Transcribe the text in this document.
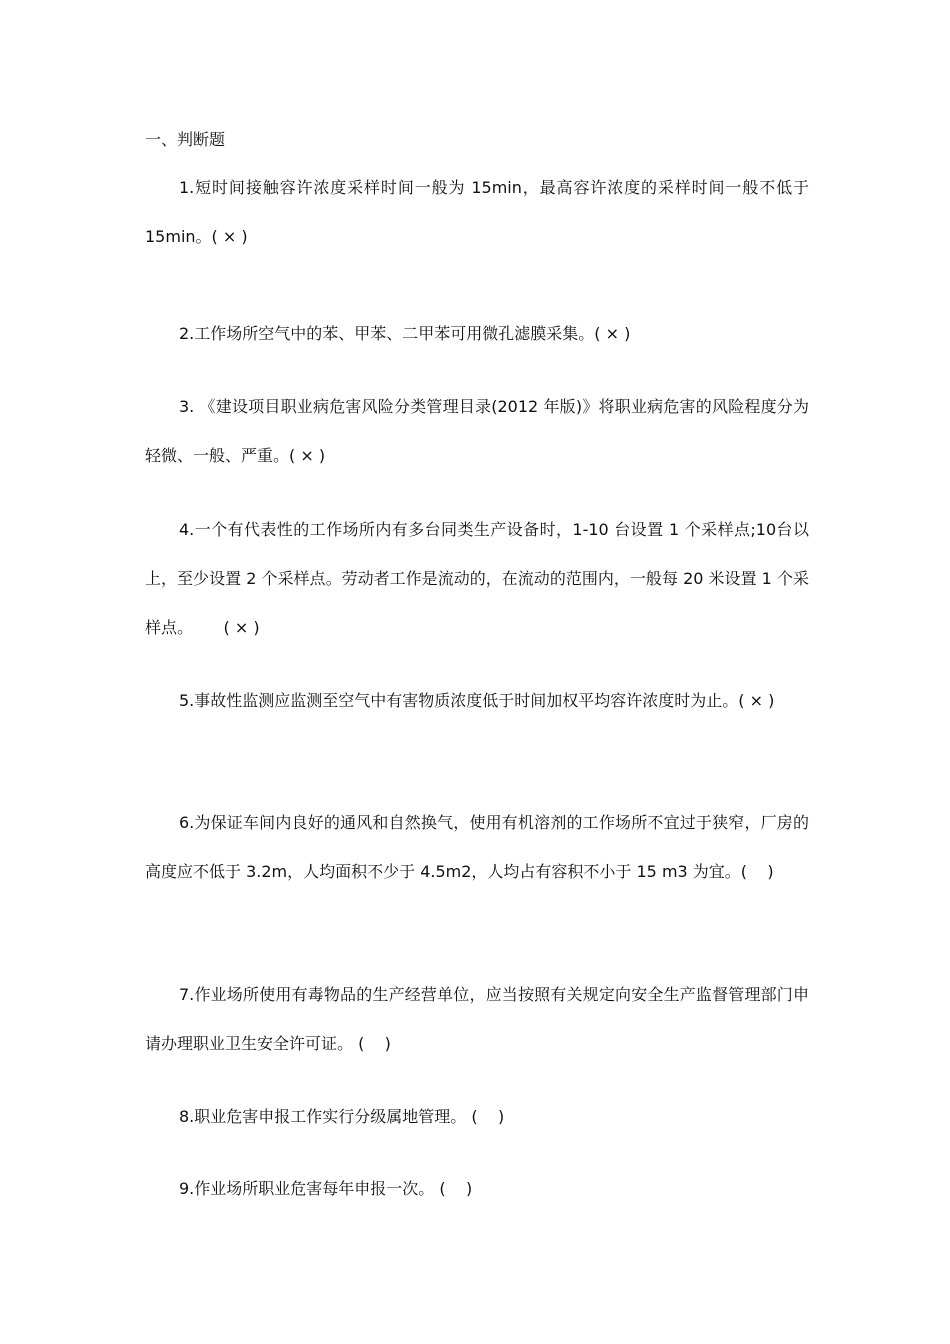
一、判断题

1.短时间接触容许浓度采样时间一般为 15min，最高容许浓度的采样时间一般不低于 15min。( × )

2.工作场所空气中的苯、甲苯、二甲苯可用微孔滤膜采集。( × )

3. 《建设项目职业病危害风险分类管理目录(2012 年版)》将职业病危害的风险程度分为轻微、一般、严重。( × )

4.一个有代表性的工作场所内有多台同类生产设备时，1-10 台设置 1 个采样点;10台以上，至少设置 2 个采样点。劳动者工作是流动的，在流动的范围内，一般每 20 米设置 1 个采样点。      ( × )

5.事故性监测应监测至空气中有害物质浓度低于时间加权平均容许浓度时为止。( × )

6.为保证车间内良好的通风和自然换气，使用有机溶剂的工作场所不宜过于狭窄，厂房的高度应不低于 3.2m，人均面积不少于 4.5m2，人均占有容积不小于 15 m3 为宜。(    )

7.作业场所使用有毒物品的生产经营单位，应当按照有关规定向安全生产监督管理部门申请办理职业卫生安全许可证。 (    )

8.职业危害申报工作实行分级属地管理。 (    )

9.作业场所职业危害每年申报一次。 (    )
